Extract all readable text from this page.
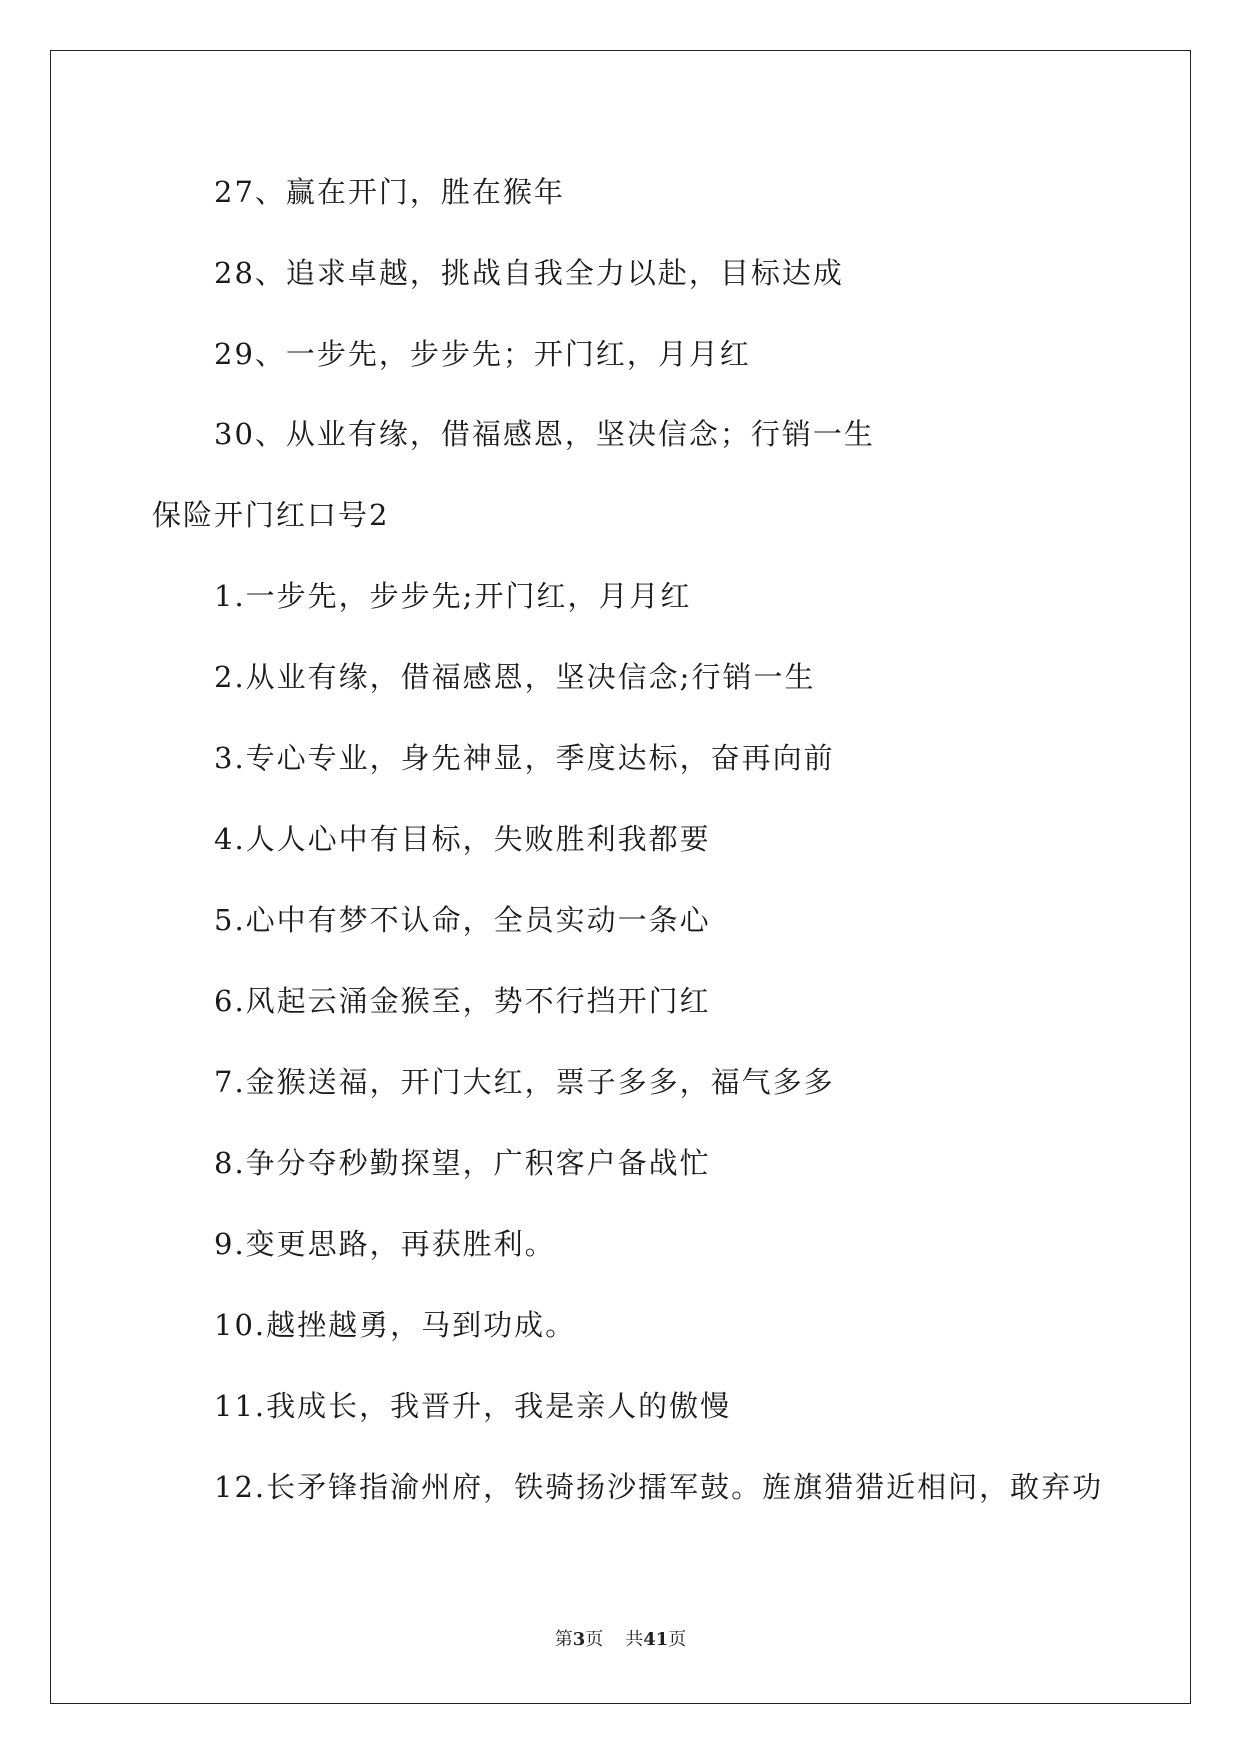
27、赢在开门，胜在猴年
28、追求卓越，挑战自我全力以赴，目标达成
29、一步先，步步先；开门红，月月红
30、从业有缘，借福感恩，坚决信念；行销一生
保险开门红口号2
1.一步先，步步先;开门红，月月红
2.从业有缘，借福感恩，坚决信念;行销一生
3.专心专业，身先神显，季度达标，奋再向前
4.人人心中有目标，失败胜利我都要
5.心中有梦不认命，全员实动一条心
6.风起云涌金猴至，势不行挡开门红
7.金猴送福，开门大红，票子多多，福气多多
8.争分夺秒勤探望，广积客户备战忙
9.变更思路，再获胜利。
10.越挫越勇，马到功成。
11.我成长，我晋升，我是亲人的傲慢
12.长矛锋指渝州府，铁骑扬沙擂军鼓。旌旗猎猎近相问，敢弃功
第3页 共41页
